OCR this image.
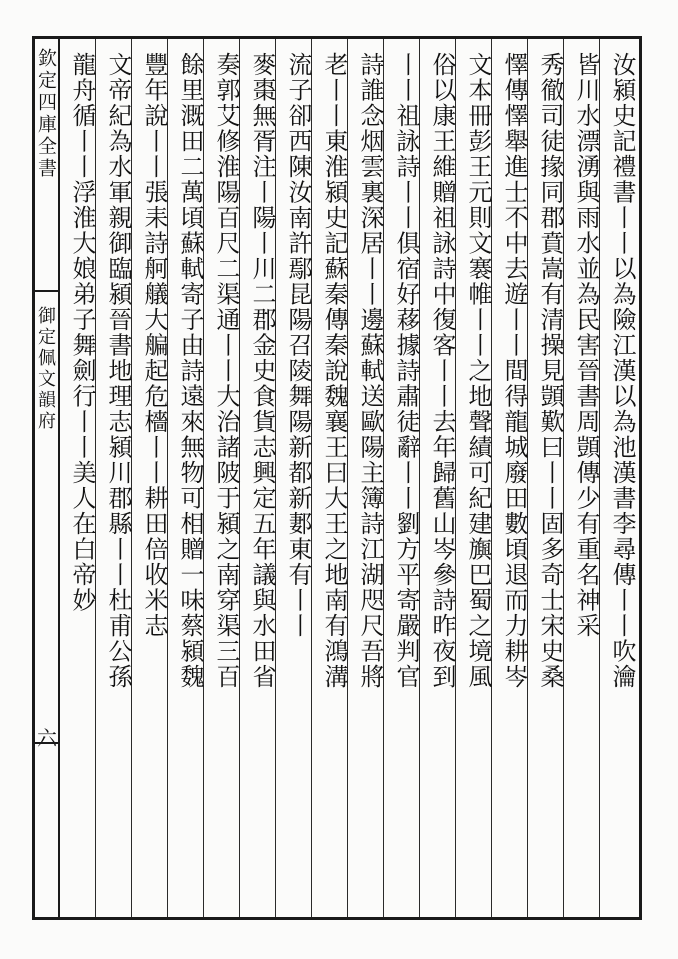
欽定四庫全書
御定佩文韻府
六
汝潁史記禮書丨丨以為險江漢以為池漢書李尋傳丨丨吹瀹
皆川水漂湧與雨水並為民害晉書周顗傳少有重名神采
秀徹司徒掾同郡賁嵩有清操見顗歎曰丨丨固多奇士宋史桑
懌傳懌舉進士不中去遊丨丨間得龍城廢田數頃退而力耕岑
文本冊彭王元則文褰帷丨丨之地聲績可紀建旟巴蜀之境風
俗以康王維贈祖詠詩中復客丨丨去年歸舊山岑參詩昨夜到
丨丨祖詠詩丨丨俱宿好䔟據詩肅徒辭丨丨劉方平寄嚴判官
詩誰念烟雲裏深居丨丨邊蘇軾送歐陽主簿詩江湖咫尺吾將
老丨丨東淮潁史記蘇秦傳秦說魏襄王曰大王之地南有鴻溝
流子卻西陳汝南許鄢昆陽召陵舞陽新都新郪東有丨丨
麥棗無胥注丨陽丨川二郡金史食貨志興定五年議與水田省
奏郭艾修淮陽百尺二渠通丨丨大治諸陂于潁之南穿渠三百
餘里溉田二萬頃蘇軾寄子由詩遠來無物可相贈一味蔡潁魏
豐年說丨丨張耒詩舸艤大艑起危檣丨丨耕田倍收米志
文帝紀為水軍親御臨潁晉書地理志潁川郡縣丨丨杜甫公孫
龍舟循丨丨浮淮大娘弟子舞劍行丨丨美人在白帝妙
